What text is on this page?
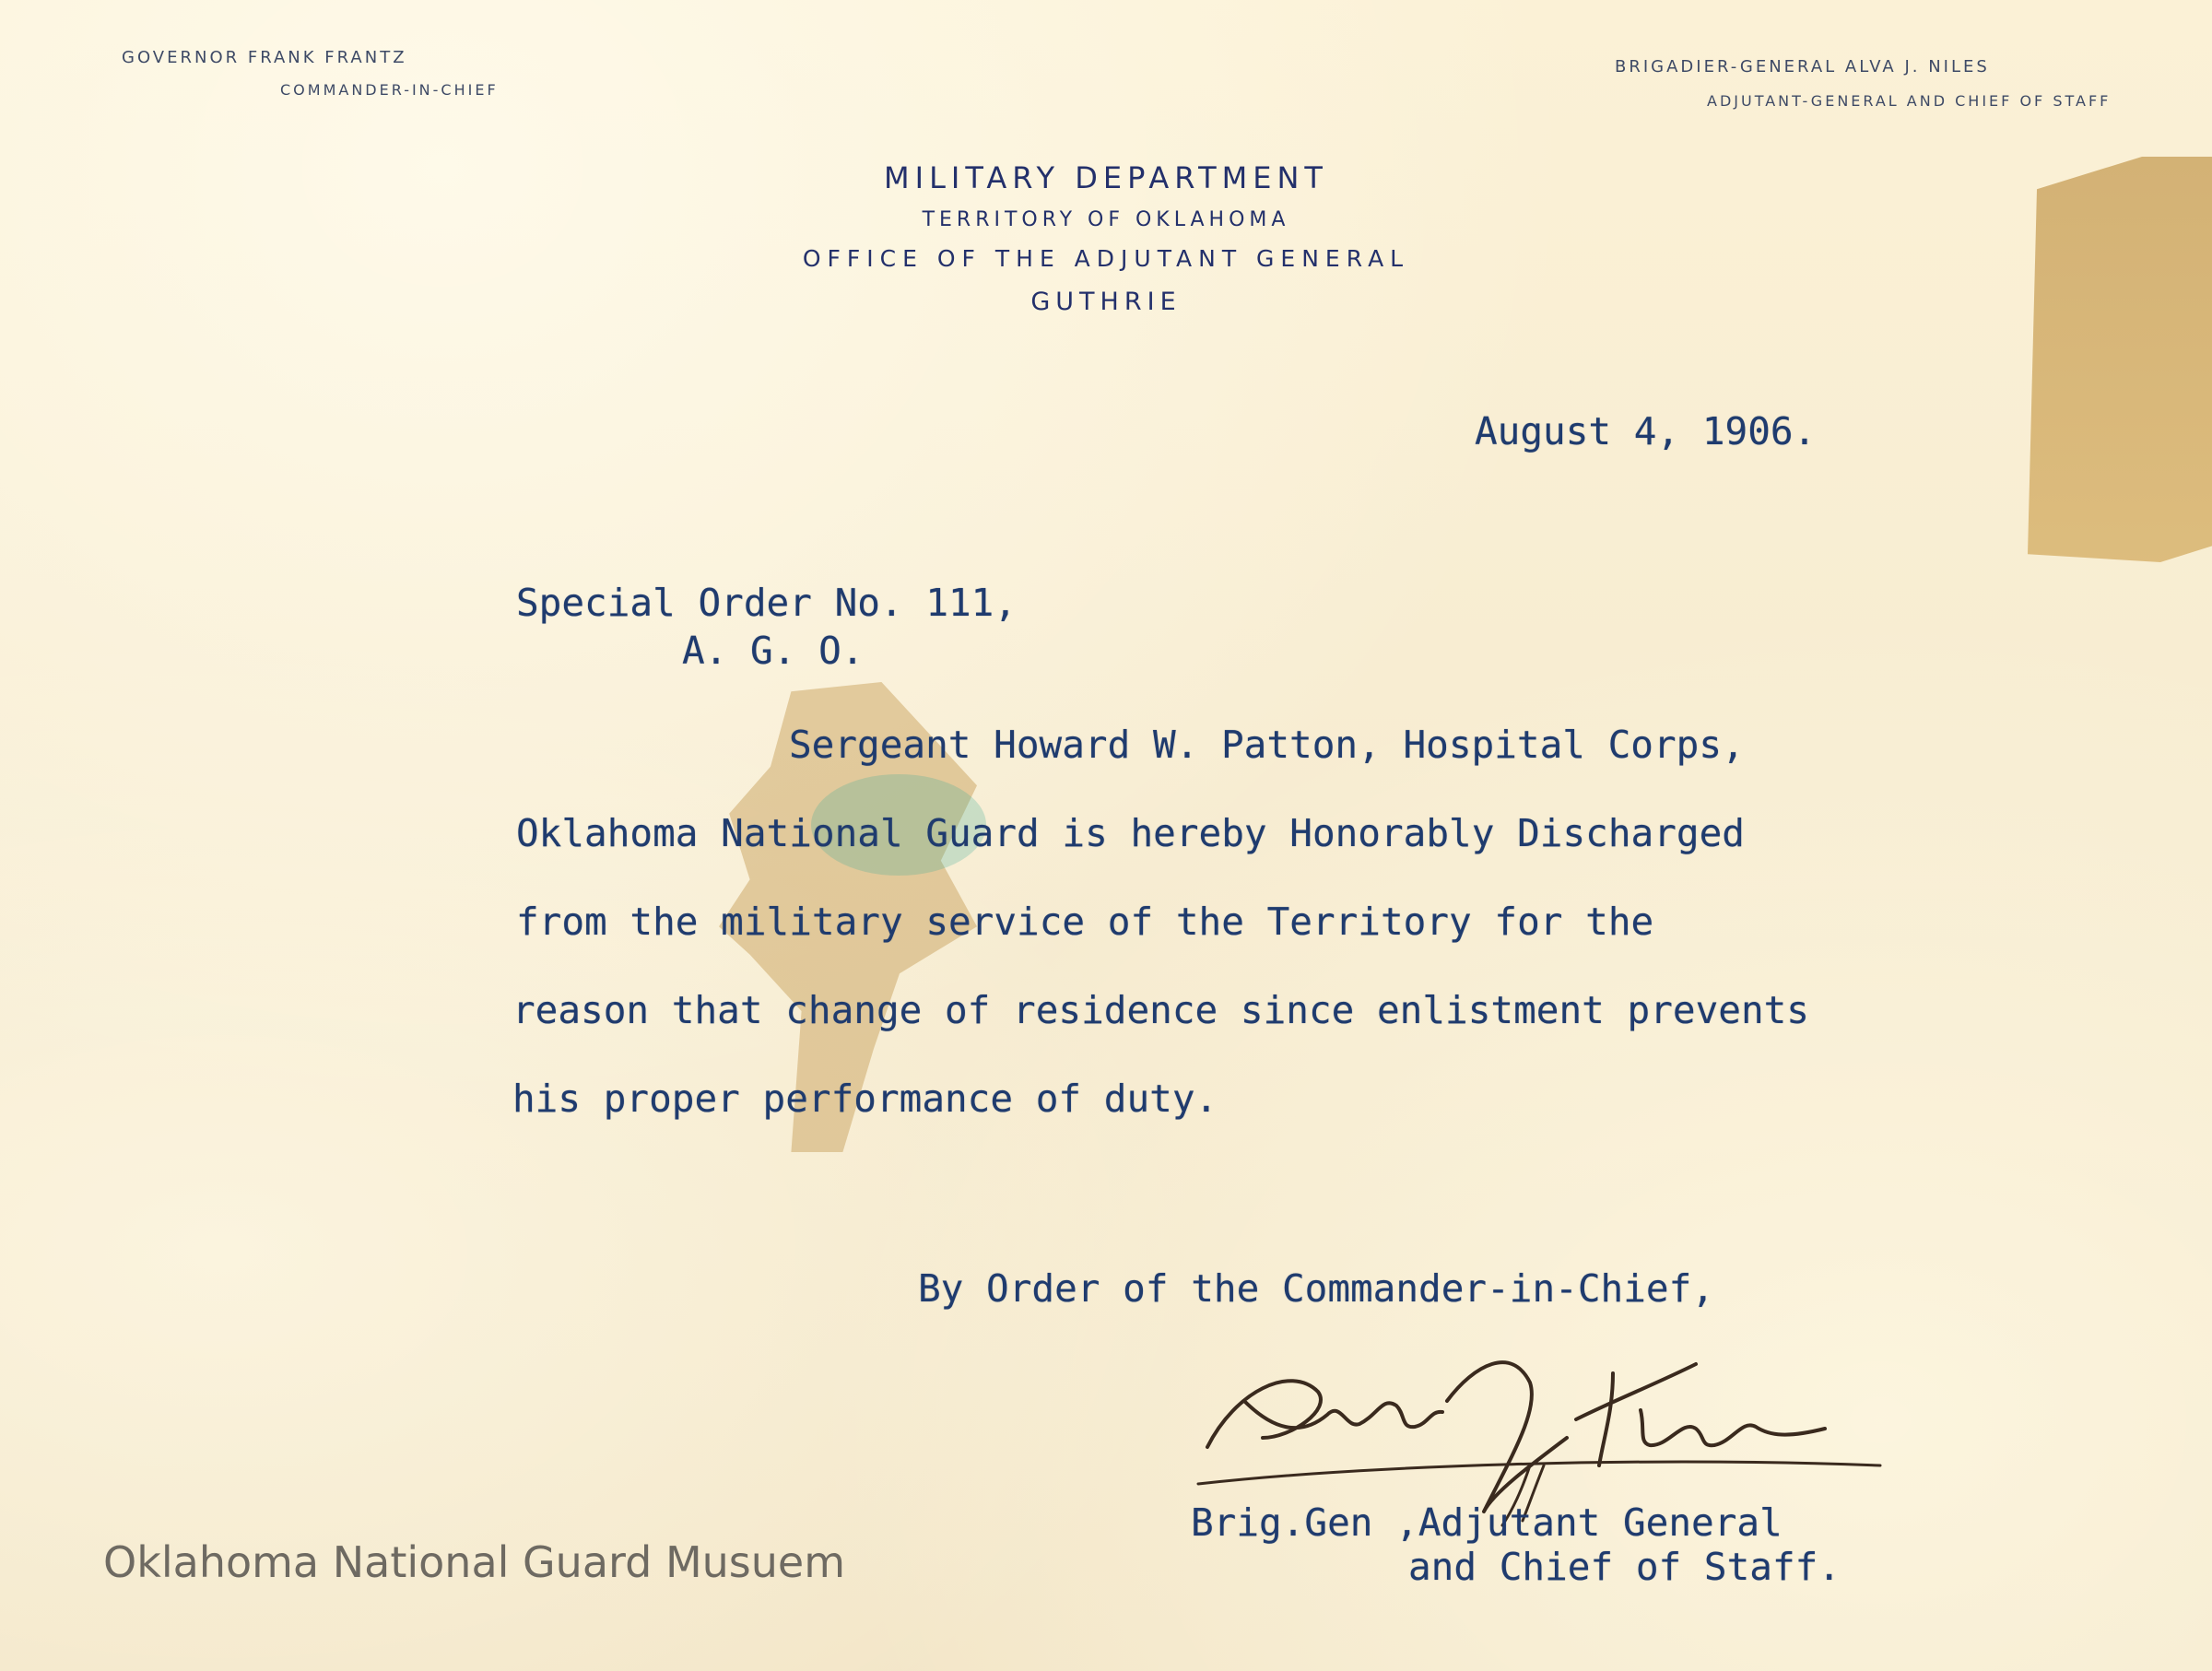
GOVERNOR FRANK FRANTZ
COMMANDER-IN-CHIEF
BRIGADIER-GENERAL ALVA J. NILES
ADJUTANT-GENERAL AND CHIEF OF STAFF
MILITARY DEPARTMENT
TERRITORY OF OKLAHOMA
OFFICE OF THE ADJUTANT GENERAL
GUTHRIE
August 4, 1906.
Special Order No. 111,
A. G. O.
Sergeant Howard W. Patton, Hospital Corps,
Oklahoma National Guard is hereby Honorably Discharged
from the military service of the Territory for the
reason that change of residence since enlistment prevents
his proper performance of duty.
By Order of the Commander-in-Chief,
Brig.Gen ,Adjutant General
and Chief of Staff.
Oklahoma National Guard Musuem
